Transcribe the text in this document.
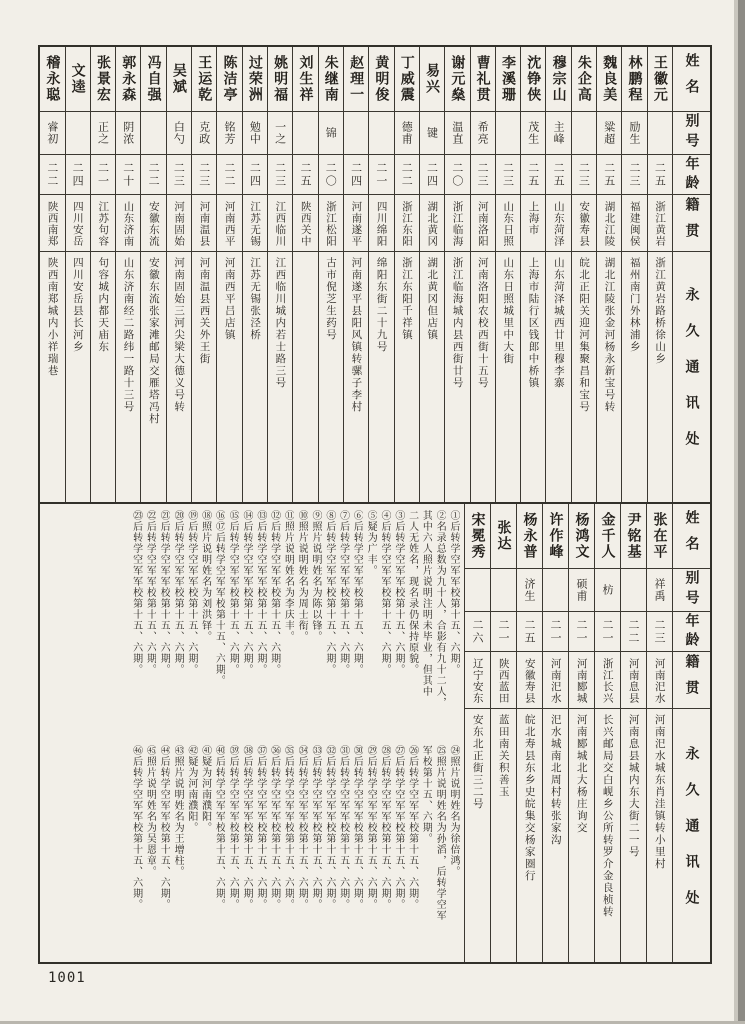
姓名
别号
年龄
籍贯
永久通讯处
王徽元
二五
浙江黄岩
浙江黄岩路桥徐山乡
林鹏程
励生
二三
福建闽侯
福州南门外林浦乡
魏良美
粱超
二五
湖北江陵
湖北江陵张金河杨永新宝号转
朱企高
二三
安徽寿县
皖北正阳关迎河集聚昌和宝号
穆宗山
主峰
二五
山东菏泽
山东菏泽城西廿里穆李寨
沈铮侠
茂生
二五
上海市
上海市陆行区钱郎中桥镇
李溪珊
二三
山东日照
山东日照城里中大街
曹礼贯
希亮
二三
河南洛阳
河南洛阳农校西街十五号
谢元燊
温直
二〇
浙江临海
浙江临海城内县西街廿号
易兴
键
二四
湖北黄冈
湖北黄冈但店镇
丁威震
德甫
二二
浙江东阳
浙江东阳千祥镇
黄明俊
二一
四川绵阳
绵阳东街二十九号
赵理一
二四
河南遂平
河南遂平县阳风镇转骡子李村
朱继南
锦
二〇
浙江松阳
古市倪芝生药号
刘生祥
二五
陕西关中
姚明福
一之
二三
江西临川
江西临川城内若士路三号
过荣洲
勉中
二四
江苏无锡
江苏无锡张泾桥
陈洁亭
铭芳
二二
河南西平
河南西平吕店镇
王运乾
克政
二三
河南温县
河南温县西关外王街
吴斌
白勺
二三
河南固始
河南固始三河尖梁大德义号转
冯自强
二二
安徽东流
安徽东流张家滩邮局交雁塔冯村
郭永森
阴浓
二十
山东济南
山东济南经二路纬一路十三号
张景宏
正之
二一
江苏句容
句容城内都天庙东
文逵
二四
四川安岳
四川安岳县长河乡
稽永聪
睿初
二二
陕西南郑
陕西南郑城内小祥瑞巷
姓名
别号
年龄
籍贯
永久通讯处
张在平
祥禹
二三
河南汜水
河南汜水城东肖洼镇转小里村
尹铭基
二二
河南息县
河南息县城内东大街二一号
金千人
枋
二一
浙江长兴
长兴邮局交白岘乡公所转罗介金良桢转
杨鸿文
硕甫
二一
河南郾城
河南郾城北大杨庄询交
许作峰
二一
河南汜水
汜水城南北周村转张家沟
杨永普
济生
二五
安徽寿县
皖北寿县东乡史皖集交杨家圈行
张达
二一
陕西蓝田
蓝田南关积善玉
宋冕秀
二六
辽宁安东
安东北正街三二号
①后转学空军军校第十五、六期。
②名录总数为九十人，合影有九十二人，
其中六人照片说明注明未毕业，但其中
二人无姓名，现名录仍保持原貌。
③后转学空军军校第十五、六期。
④后转学空军军校第十五、六期。
⑤疑为广丰。
⑥后转学空军军校第十五、六期。
⑦后转学空军军校第十五、六期。
⑧后转学空军军校第十五、六期。
⑨照片说明姓名为陈以锋。
⑩照片说明姓名为周士衔。
⑪照片说明姓名为李庆丰。
⑫后转学空军军校第十五、六期。
⑬后转学空军军校第十五、六期。
⑭后转学空军军校第十五、六期。
⑮后转学空军军校第十五、六期。
⑯⑰后转学空军军校第十五、六期。
⑱照片说明姓名为刘洪铎。
⑲后转学空军军校第十五、六期。
⑳后转学空军军校第十五、六期。
㉑后转学空军军校第十五、六期。
㉒后转学空军军校第十五、六期。
㉓后转学空军军校第十五、六期。
㉔照片说明姓名为徐倍鸿。
㉕照片说明姓名为孙滔，后转学空军
军校第十五、六期。
㉖后转学空军军校第十五、六期。
㉗后转学空军军校第十五、六期。
㉘后转学空军军校第十五、六期。
㉙后转学空军军校第十五、六期。
㉚后转学空军军校第十五、六期。
㉛后转学空军军校第十五、六期。
㉜后转学空军军校第十五、六期。
㉝后转学空军军校第十五、六期。
㉞后转学空军军校第十五、六期。
㉟后转学空军军校第十五、六期。
㊱后转学空军军校第十五、六期。
㊲后转学空军军校第十五、六期。
㊳后转学空军军校第十五、六期。
㊴后转学空军军校第十五、六期。
㊵后转学空军军校第十五、六期。
㊶疑为河南濮阳。
㊷疑为河南濮阳。
㊸照片说明姓名为王增柱。
㊹后转学空军军校第十五、六期。
㊺照片说明姓名为吴恩章。
㊻后转学空军军校第十五、六期。
1001
